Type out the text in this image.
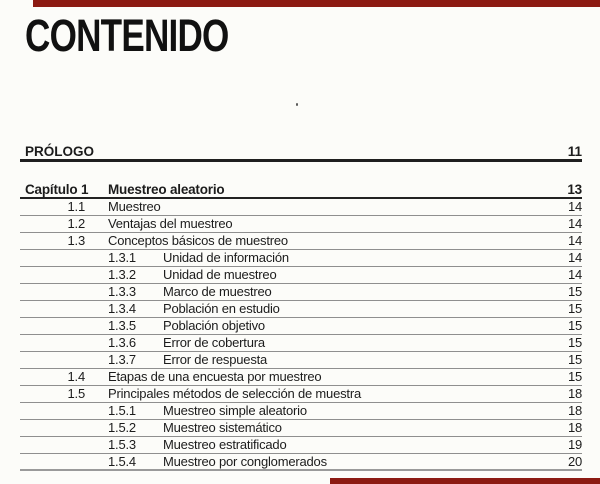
CONTENIDO
PRÓLOGO	11
Capítulo 1	Muestreo aleatorio	13
1.1 Muestreo	14
1.2 Ventajas del muestreo	14
1.3 Conceptos básicos de muestreo	14
1.3.1	Unidad de información	14
1.3.2	Unidad de muestreo	14
1.3.3	Marco de muestreo	15
1.3.4	Población en estudio	15
1.3.5	Población objetivo	15
1.3.6	Error de cobertura	15
1.3.7	Error de respuesta	15
1.4 Etapas de una encuesta por muestreo	15
1.5 Principales métodos de selección de muestra	18
1.5.1	Muestreo simple aleatorio	18
1.5.2	Muestreo sistemático	18
1.5.3	Muestreo estratificado	19
1.5.4	Muestreo por conglomerados	20
